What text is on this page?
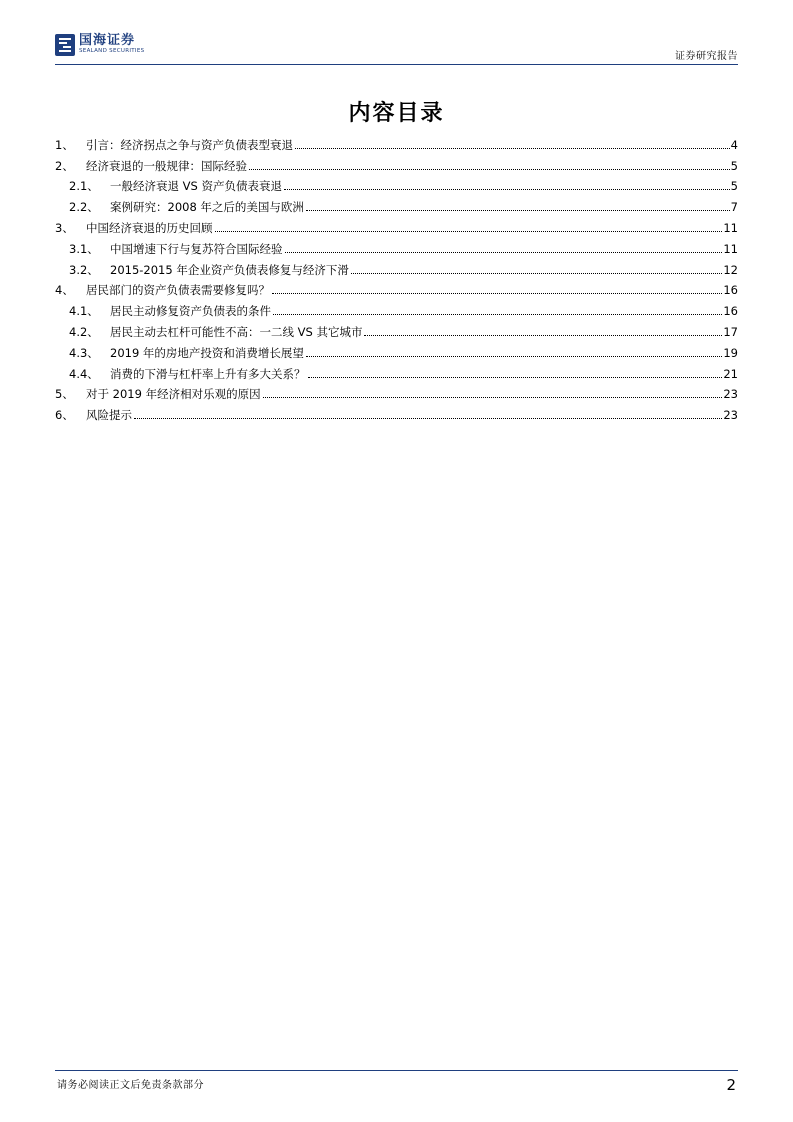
国海证券
SEALAND SECURITIES	证券研究报告
内容目录
1、	引言：经济拐点之争与资产负债表型衰退	4
2、	经济衰退的一般规律：国际经验	5
2.1、 一般经济衰退 VS 资产负债表衰退	5
2.2、 案例研究：2008 年之后的美国与欧洲	7
3、	中国经济衰退的历史回顾	11
3.1、 中国增速下行与复苏符合国际经验	11
3.2、 2015-2015 年企业资产负债表修复与经济下滑	12
4、	居民部门的资产负债表需要修复吗？	16
4.1、 居民主动修复资产负债表的条件	16
4.2、 居民主动去杠杆可能性不高：一二线 VS 其它城市	17
4.3、 2019 年的房地产投资和消费增长展望	19
4.4、 消费的下滑与杠杆率上升有多大关系？	21
5、	对于 2019 年经济相对乐观的原因	23
6、	风险提示	23
请务必阅读正文后免责条款部分	2
